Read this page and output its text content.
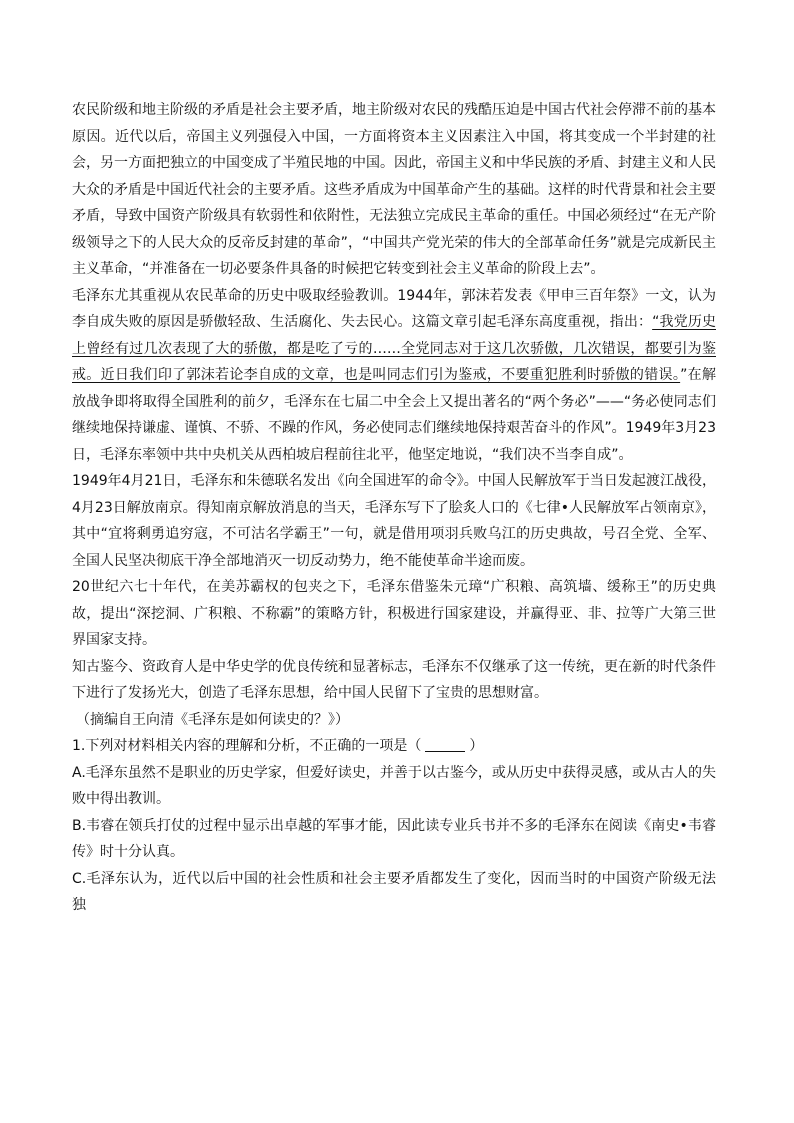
农民阶级和地主阶级的矛盾是社会主要矛盾，地主阶级对农民的残酷压迫是中国古代社会停滞不前的基本原因。近代以后，帝国主义列强侵入中国，一方面将资本主义因素注入中国，将其变成一个半封建的社会，另一方面把独立的中国变成了半殖民地的中国。因此，帝国主义和中华民族的矛盾、封建主义和人民大众的矛盾是中国近代社会的主要矛盾。这些矛盾成为中国革命产生的基础。这样的时代背景和社会主要矛盾，导致中国资产阶级具有软弱性和依附性，无法独立完成民主革命的重任。中国必须经过“在无产阶级领导之下的人民大众的反帝反封建的革命”，“中国共产党光荣的伟大的全部革命任务”就是完成新民主主义革命，“并准备在一切必要条件具备的时候把它转变到社会主义革命的阶段上去”。

毛泽东尤其重视从农民革命的历史中吸取经验教训。1944年，郭沫若发表《甲申三百年祭》一文，认为李自成失败的原因是骄傲轻敌、生活腐化、失去民心。这篇文章引起毛泽东高度重视，指出：“我党历史上曾经有过几次表现了大的骄傲，都是吃了亏的……全党同志对于这几次骄傲，几次错误，都要引为鉴戒。近日我们印了郭沫若论李自成的文章，也是叫同志们引为鉴戒，不要重犯胜利时骄傲的错误。”在解放战争即将取得全国胜利的前夕，毛泽东在七届二中全会上又提出著名的“两个务必”——“务必使同志们继续地保持谦虚、谨慎、不骄、不躁的作风，务必使同志们继续地保持艰苦奋斗的作风”。1949年3月23日，毛泽东率领中共中央机关从西柏坡启程前往北平，他坚定地说，“我们决不当李自成”。

1949年4月21日，毛泽东和朱德联名发出《向全国进军的命令》。中国人民解放军于当日发起渡江战役，4月23日解放南京。得知南京解放消息的当天，毛泽东写下了脍炙人口的《七律•人民解放军占领南京》，其中“宜将剩勇追穷寇，不可沽名学霸王”一句，就是借用项羽兵败乌江的历史典故，号召全党、全军、全国人民坚决彻底干净全部地消灭一切反动势力，绝不能使革命半途而废。

20世纪六七十年代，在美苏霸权的包夹之下，毛泽东借鉴朱元璋“广积粮、高筑墙、缓称王”的历史典故，提出“深挖洞、广积粮、不称霸”的策略方针，积极进行国家建设，并赢得亚、非、拉等广大第三世界国家支持。

知古鉴今、资政育人是中华史学的优良传统和显著标志，毛泽东不仅继承了这一传统，更在新的时代条件下进行了发扬光大，创造了毛泽东思想，给中国人民留下了宝贵的思想财富。

（摘编自王向清《毛泽东是如何读史的？》）

1.下列对材料相关内容的理解和分析，不正确的一项是（	）

A.毛泽东虽然不是职业的历史学家，但爱好读史，并善于以古鉴今，或从历史中获得灵感，或从古人的失败中得出教训。

B.韦睿在领兵打仗的过程中显示出卓越的军事才能，因此读专业兵书并不多的毛泽东在阅读《南史•韦睿传》时十分认真。

C.毛泽东认为，近代以后中国的社会性质和社会主要矛盾都发生了变化，因而当时的中国资产阶级无法独
